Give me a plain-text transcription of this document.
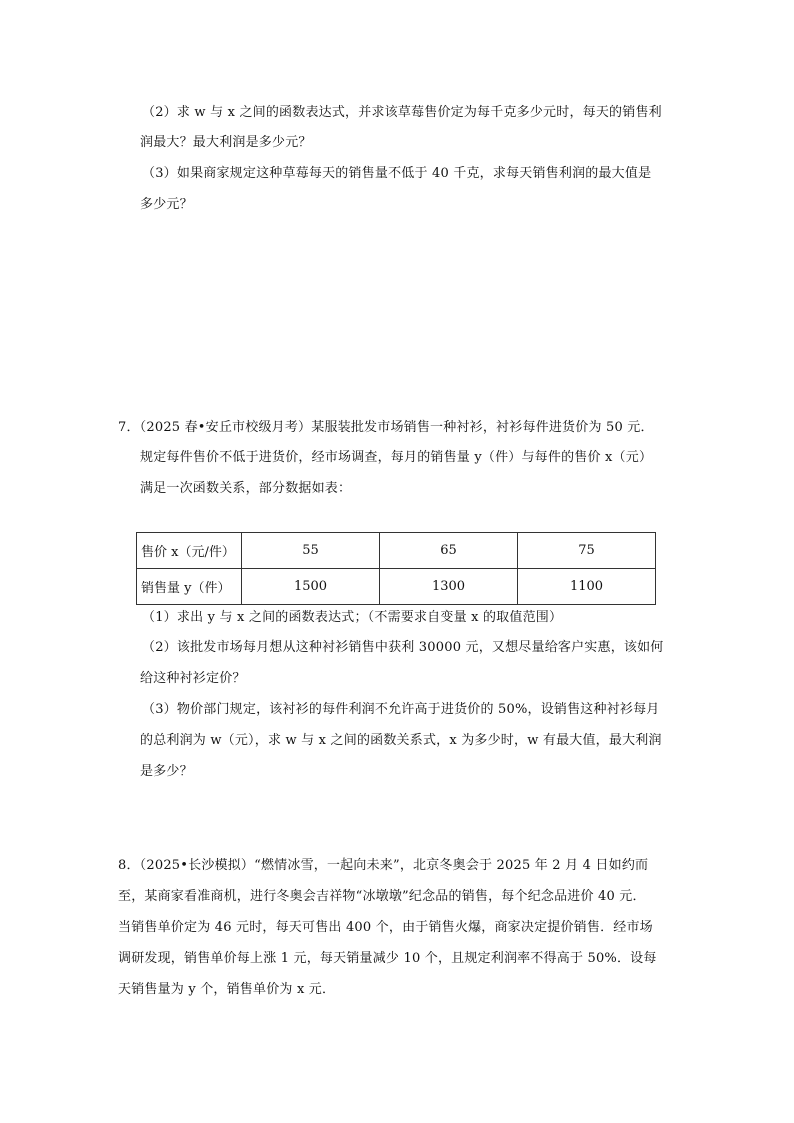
（2）求 w 与 x 之间的函数表达式，并求该草莓售价定为每千克多少元时，每天的销售利
润最大？最大利润是多少元？
（3）如果商家规定这种草莓每天的销售量不低于 40 千克，求每天销售利润的最大值是
多少元？
7．（2025 春•安丘市校级月考）某服装批发市场销售一种衬衫，衬衫每件进货价为 50 元．
规定每件售价不低于进货价，经市场调查，每月的销售量 y（件）与每件的售价 x（元）
满足一次函数关系，部分数据如表：
售价 x（元/件）	55	65	75
销售量 y（件）	1500	1300	1100
（1）求出 y 与 x 之间的函数表达式；（不需要求自变量 x 的取值范围）
（2）该批发市场每月想从这种衬衫销售中获利 30000 元，又想尽量给客户实惠，该如何
给这种衬衫定价？
（3）物价部门规定，该衬衫的每件利润不允许高于进货价的 50%，设销售这种衬衫每月
的总利润为 w（元），求 w 与 x 之间的函数关系式，x 为多少时，w 有最大值，最大利润
是多少？
8．（2025•长沙模拟）“燃情冰雪，一起向未来”，北京冬奥会于 2025 年 2 月 4 日如约而
至，某商家看准商机，进行冬奥会吉祥物“冰墩墩”纪念品的销售，每个纪念品进价 40 元．
当销售单价定为 46 元时，每天可售出 400 个，由于销售火爆，商家决定提价销售．经市场
调研发现，销售单价每上涨 1 元，每天销量减少 10 个，且规定利润率不得高于 50%．设每
天销售量为 y 个，销售单价为 x 元．
